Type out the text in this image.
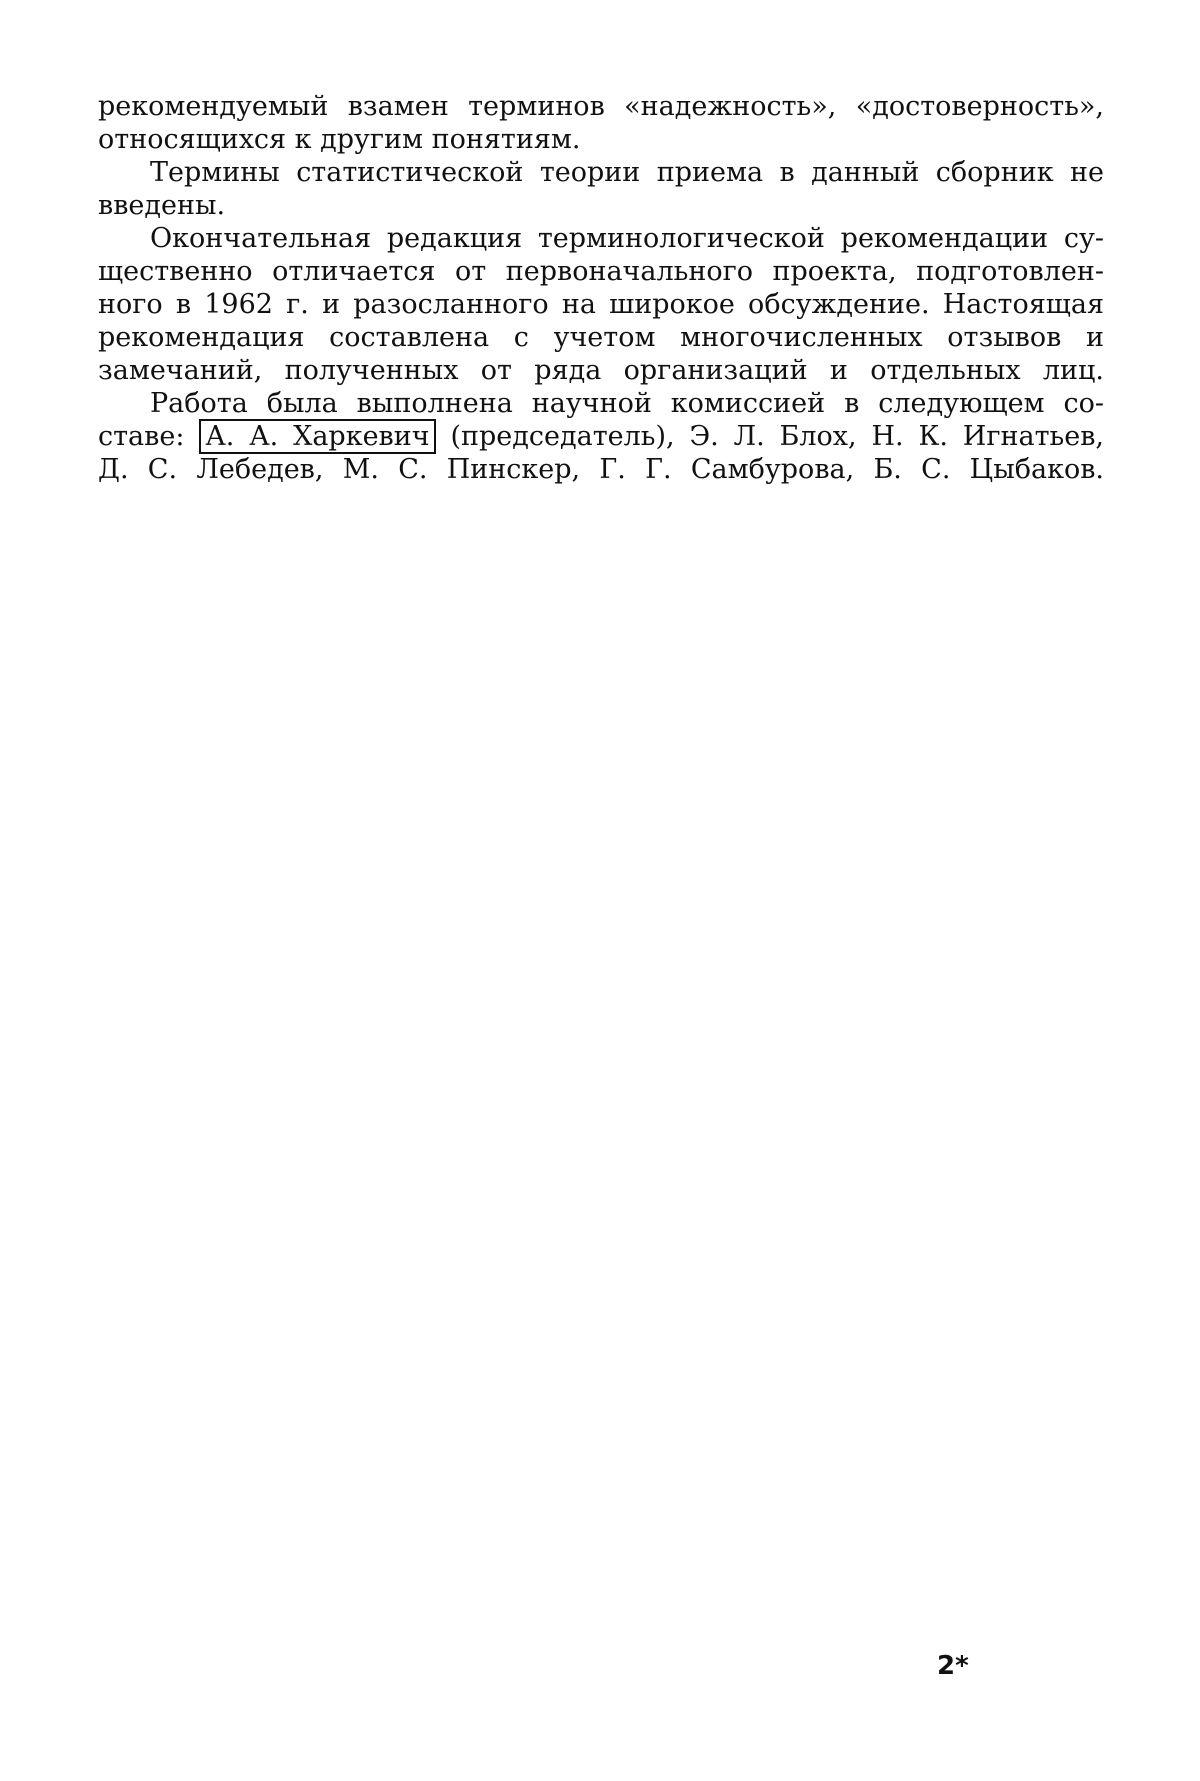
рекомендуемый взамен терминов «надежность», «достоверность»,
относящихся к другим понятиям.
Термины статистической теории приема в данный сборник не
введены.
Окончательная редакция терминологической рекомендации су-
щественно отличается от первоначального проекта, подготовлен-
ного в 1962 г. и разосланного на широкое обсуждение. Настоящая
рекомендация составлена с учетом многочисленных отзывов и
замечаний, полученных от ряда организаций и отдельных лиц.
Работа была выполнена научной комиссией в следующем со-
ставе: А. А. Харкевич (председатель), Э. Л. Блох, Н. К. Игнатьев,
Д. С. Лебедев, М. С. Пинскер, Г. Г. Самбурова, Б. С. Цыбаков.
2*
